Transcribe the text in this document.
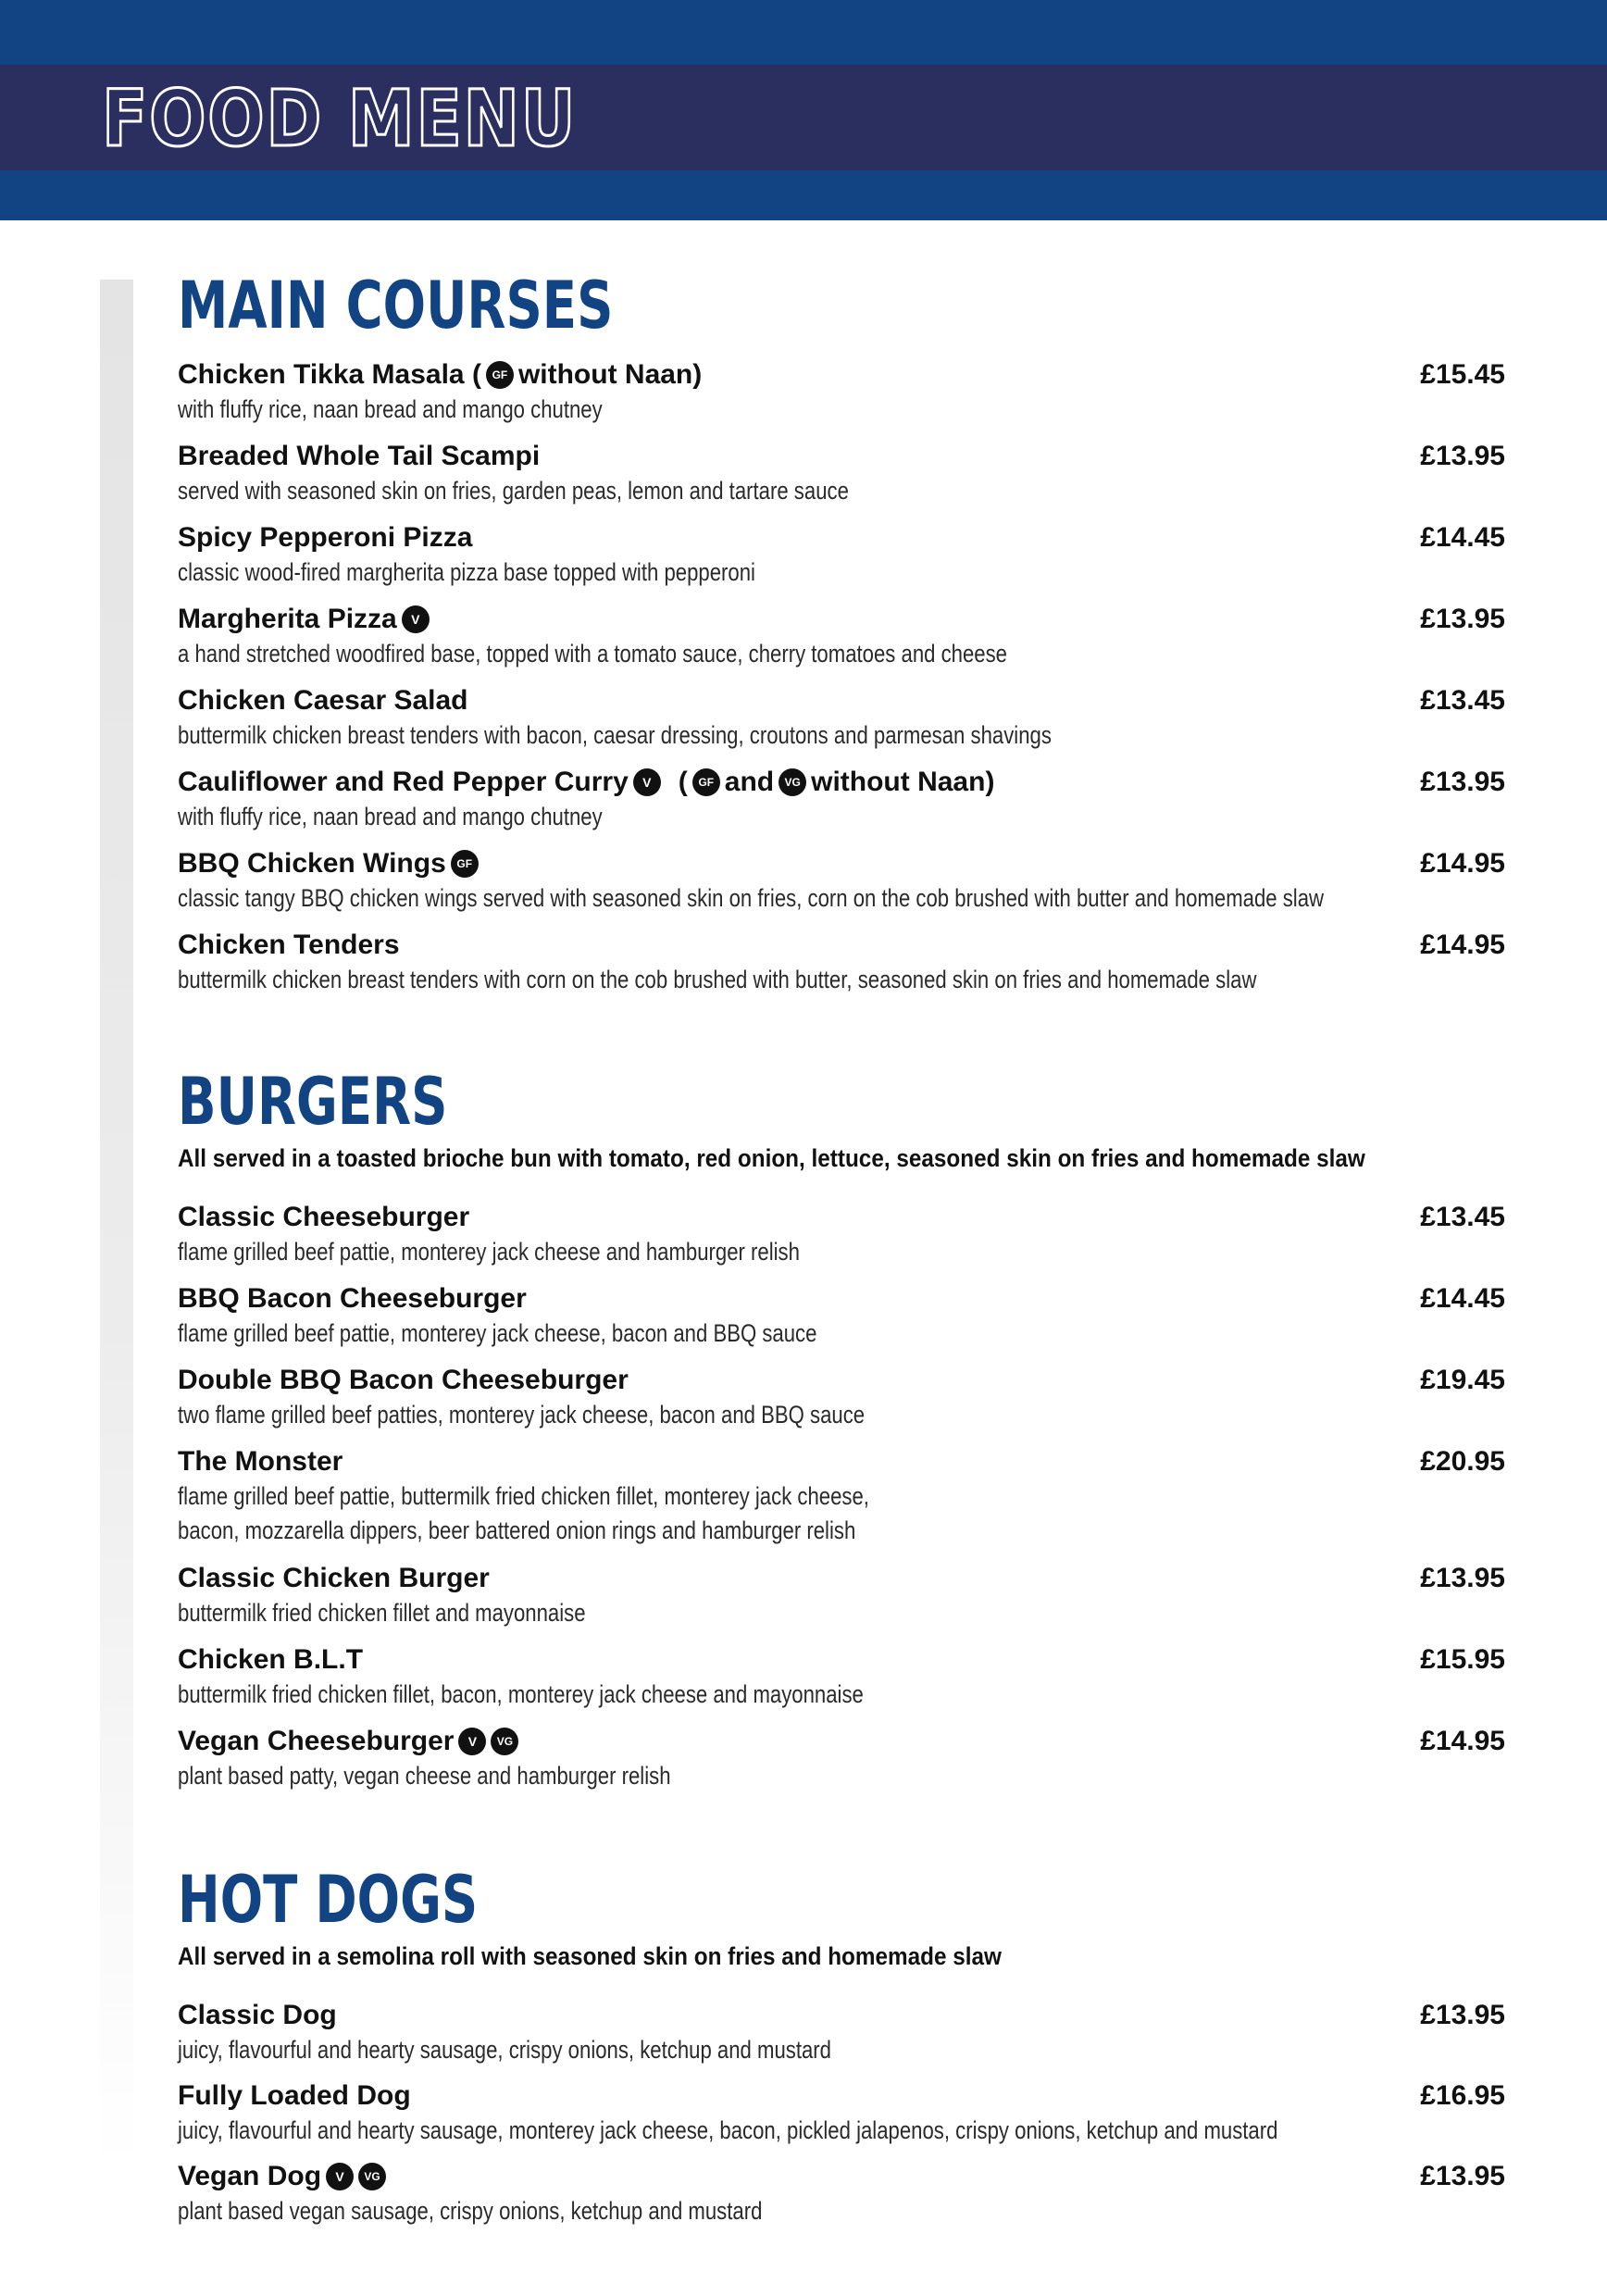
FOOD MENU
MAIN COURSES
Chicken Tikka Masala ( GF without Naan)	£15.45
with fluffy rice, naan bread and mango chutney
Breaded Whole Tail Scampi	£13.95
served with seasoned skin on fries, garden peas, lemon and tartare sauce
Spicy Pepperoni Pizza	£14.45
classic wood-fired margherita pizza base topped with pepperoni
Margherita Pizza	V	£13.95
a hand stretched woodfired base, topped with a tomato sauce, cherry tomatoes and cheese
Chicken Caesar Salad	£13.45
buttermilk chicken breast tenders with bacon, caesar dressing, croutons and parmesan shavings
Cauliflower and Red Pepper Curry	V ( GF and VG without Naan)	£13.95
with fluffy rice, naan bread and mango chutney
BBQ Chicken Wings GF	£14.95
classic tangy BBQ chicken wings served with seasoned skin on fries, corn on the cob brushed with butter and homemade slaw
Chicken Tenders	£14.95
buttermilk chicken breast tenders with corn on the cob brushed with butter, seasoned skin on fries and homemade slaw
BURGERS
All served in a toasted brioche bun with tomato, red onion, lettuce, seasoned skin on fries and homemade slaw
Classic Cheeseburger	£13.45
flame grilled beef pattie, monterey jack cheese and hamburger relish
BBQ Bacon Cheeseburger	£14.45
flame grilled beef pattie, monterey jack cheese, bacon and BBQ sauce
Double BBQ Bacon Cheeseburger	£19.45
two flame grilled beef patties, monterey jack cheese, bacon and BBQ sauce
The Monster	£20.95
flame grilled beef pattie, buttermilk fried chicken fillet, monterey jack cheese,
bacon, mozzarella dippers, beer battered onion rings and hamburger relish
Classic Chicken Burger	£13.95
buttermilk fried chicken fillet and mayonnaise
Chicken B.L.T	£15.95
buttermilk fried chicken fillet, bacon, monterey jack cheese and mayonnaise
Vegan Cheeseburger	V	VG	£14.95
plant based patty, vegan cheese and hamburger relish
HOT DOGS
All served in a semolina roll with seasoned skin on fries and homemade slaw
Classic Dog	£13.95
juicy, flavourful and hearty sausage, crispy onions, ketchup and mustard
Fully Loaded Dog	£16.95
juicy, flavourful and hearty sausage, monterey jack cheese, bacon, pickled jalapenos, crispy onions, ketchup and mustard
Vegan Dog	V	VG	£13.95
plant based vegan sausage, crispy onions, ketchup and mustard
